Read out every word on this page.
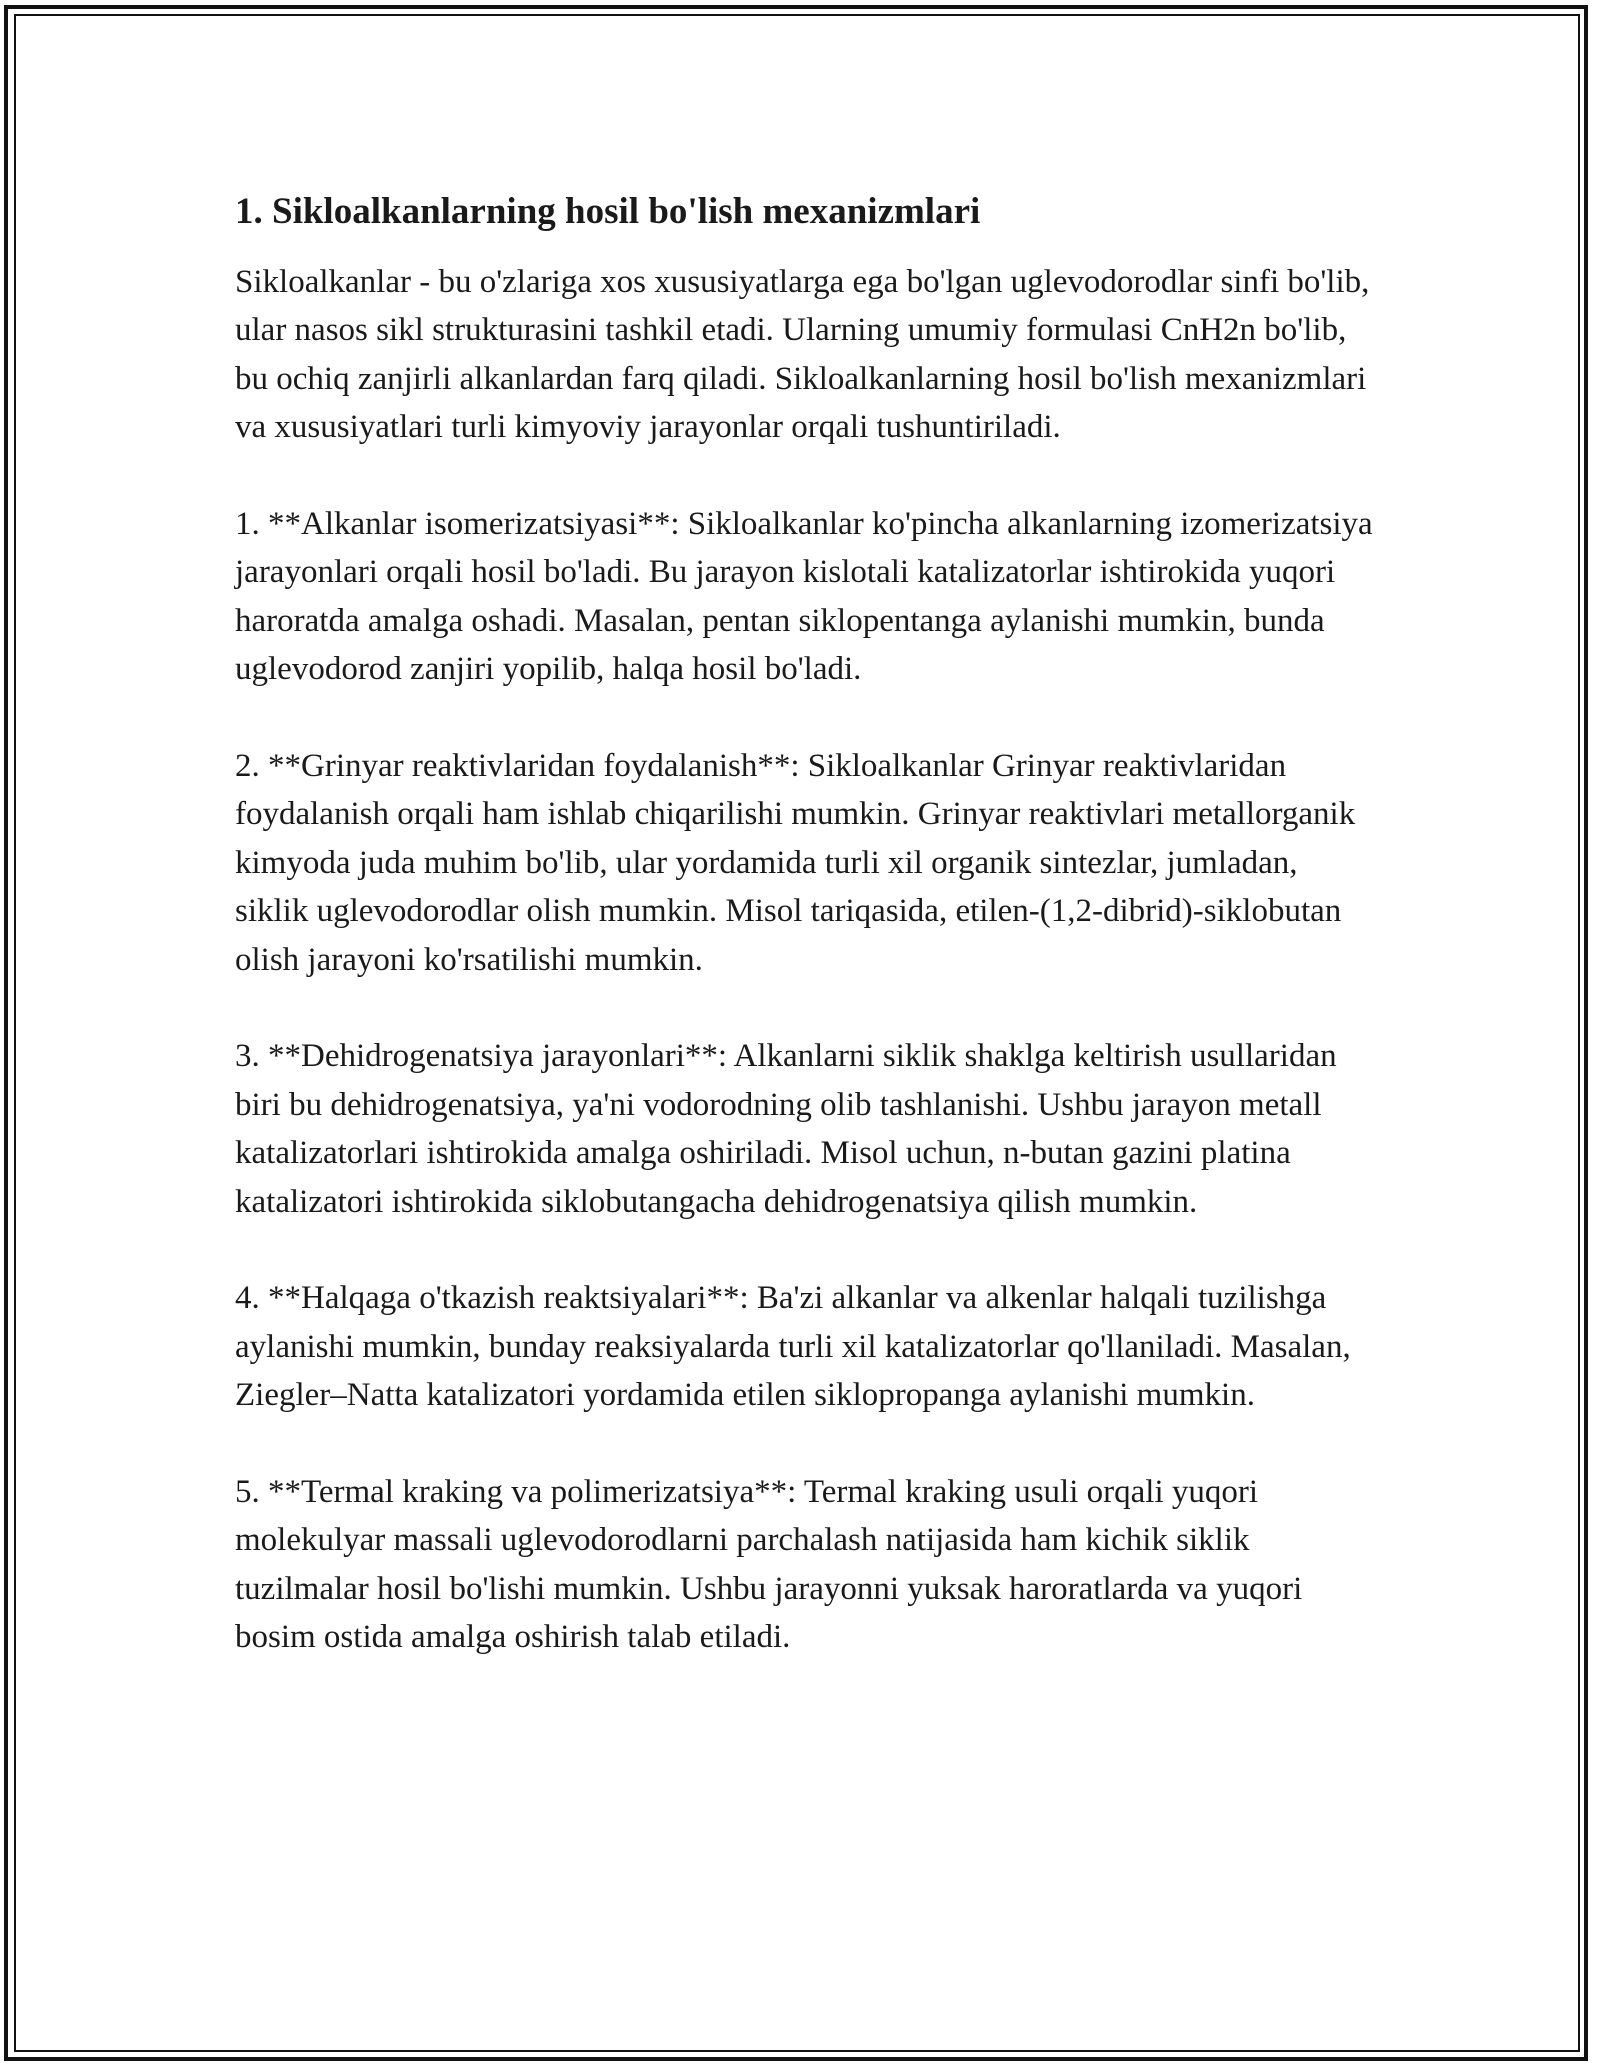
1. Sikloalkanlarning hosil bo'lish mexanizmlari

Sikloalkanlar - bu o'zlariga xos xususiyatlarga ega bo'lgan uglevodorodlar sinfi bo'lib, ular nasos sikl strukturasini tashkil etadi. Ularning umumiy formulasi CnH2n bo'lib, bu ochiq zanjirli alkanlardan farq qiladi. Sikloalkanlarning hosil bo'lish mexanizmlari va xususiyatlari turli kimyoviy jarayonlar orqali tushuntiriladi.

1. **Alkanlar isomerizatsiyasi**: Sikloalkanlar ko'pincha alkanlarning izomerizatsiya jarayonlari orqali hosil bo'ladi. Bu jarayon kislotali katalizatorlar ishtirokida yuqori haroratda amalga oshadi. Masalan, pentan siklopentanga aylanishi mumkin, bunda uglevodorod zanjiri yopilib, halqa hosil bo'ladi.

2. **Grinyar reaktivlaridan foydalanish**: Sikloalkanlar Grinyar reaktivlaridan foydalanish orqali ham ishlab chiqarilishi mumkin. Grinyar reaktivlari metallorganik kimyoda juda muhim bo'lib, ular yordamida turli xil organik sintezlar, jumladan, siklik uglevodorodlar olish mumkin. Misol tariqasida, etilen-(1,2-dibrid)-siklobutan olish jarayoni ko'rsatilishi mumkin.

3. **Dehidrogenatsiya jarayonlari**: Alkanlarni siklik shaklga keltirish usullaridan biri bu dehidrogenatsiya, ya'ni vodorodning olib tashlanishi. Ushbu jarayon metall katalizatorlari ishtirokida amalga oshiriladi. Misol uchun, n-butan gazini platina katalizatori ishtirokida siklobutangacha dehidrogenatsiya qilish mumkin.

4. **Halqaga o'tkazish reaktsiyalari**: Ba'zi alkanlar va alkenlar halqali tuzilishga aylanishi mumkin, bunday reaksiyalarda turli xil katalizatorlar qo'llaniladi. Masalan, Ziegler–Natta katalizatori yordamida etilen siklopropanga aylanishi mumkin.

5. **Termal kraking va polimerizatsiya**: Termal kraking usuli orqali yuqori molekulyar massali uglevodorodlarni parchalash natijasida ham kichik siklik tuzilmalar hosil bo'lishi mumkin. Ushbu jarayonni yuksak haroratlarda va yuqori bosim ostida amalga oshirish talab etiladi.
